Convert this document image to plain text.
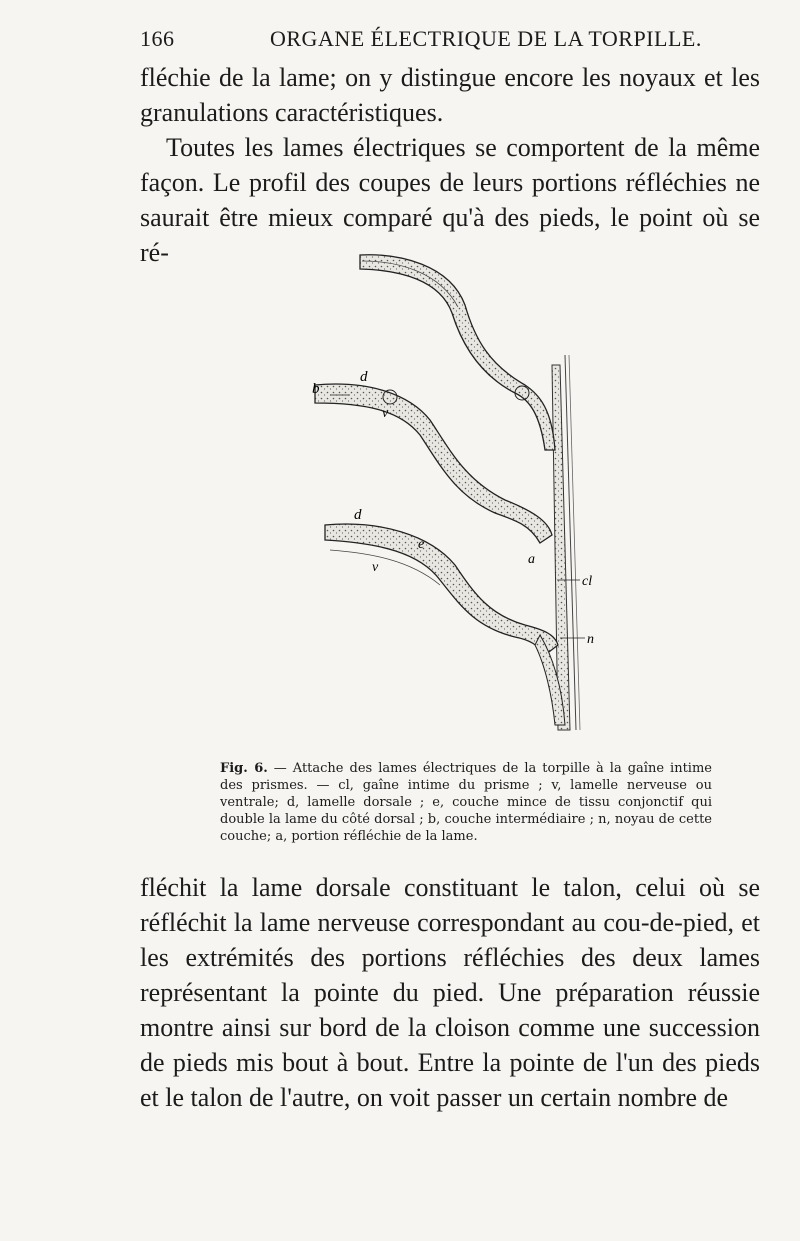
166	ORGANE ÉLECTRIQUE DE LA TORPILLE.

fléchie de la lame; on y distingue encore les noyaux et les granulations caractéristiques.

Toutes les lames électriques se comportent de la même façon. Le profil des coupes de leurs portions réfléchies ne saurait être mieux comparé qu'à des pieds, le point où se ré-

d
v
b
d
e
v
a
cl
n

Fig. 6. — Attache des lames électriques de la torpille à la gaîne intime des prismes. — cl, gaîne intime du prisme ; v, lamelle nerveuse ou ventrale; d, lamelle dorsale ; e, couche mince de tissu conjonctif qui double la lame du côté dorsal ; b, couche intermédiaire ; n, noyau de cette couche; a, portion réfléchie de la lame.

fléchit la lame dorsale constituant le talon, celui où se réfléchit la lame nerveuse correspondant au cou-de-pied, et les extrémités des portions réfléchies des deux lames représentant la pointe du pied. Une préparation réussie montre ainsi sur bord de la cloison comme une succession de pieds mis bout à bout. Entre la pointe de l'un des pieds et le talon de l'autre, on voit passer un certain nombre de
